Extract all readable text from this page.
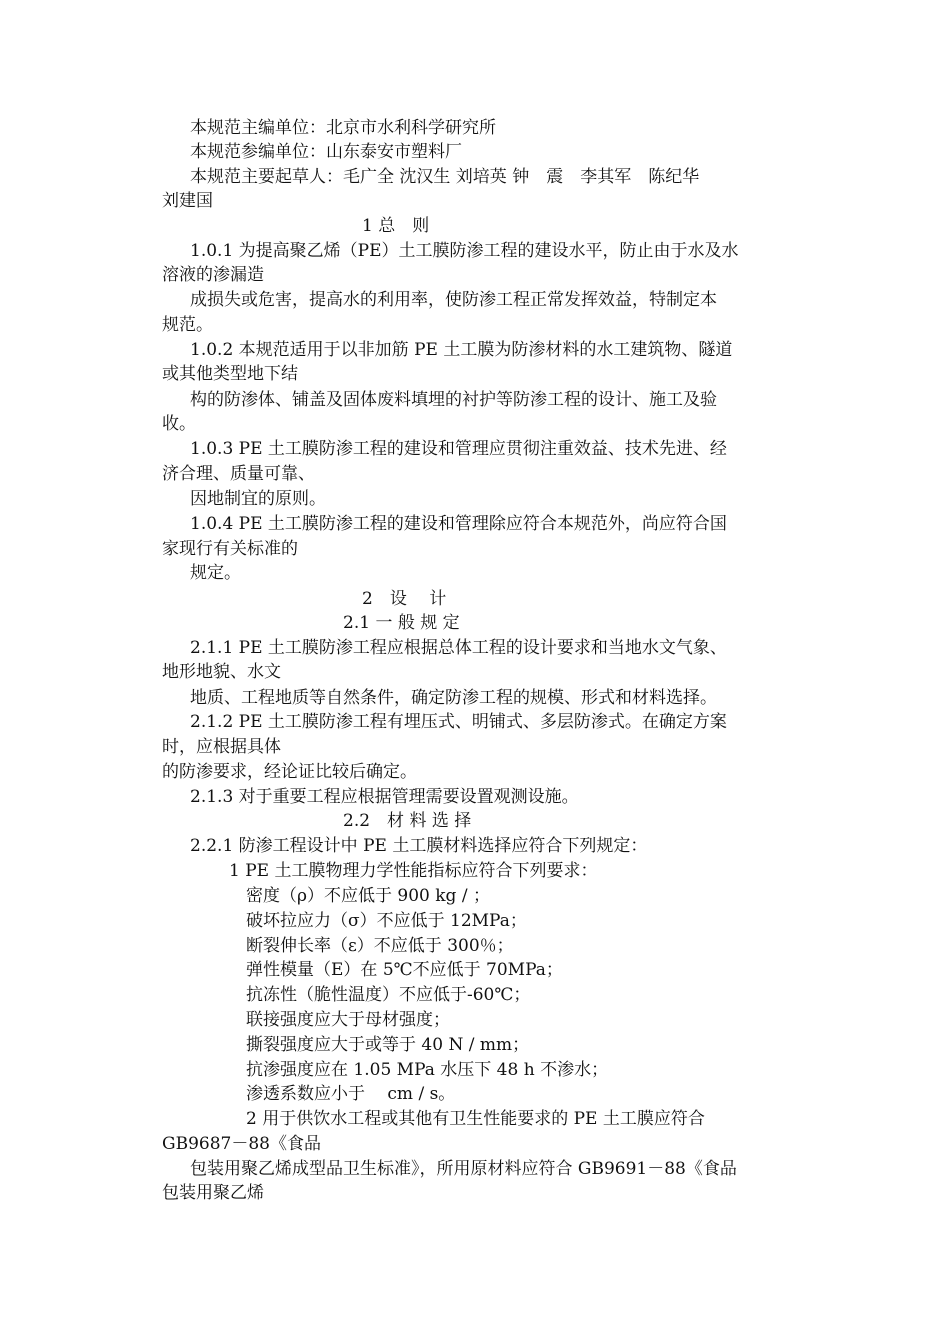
本规范主编单位：北京市水利科学研究所
本规范参编单位：山东泰安市塑料厂
本规范主要起草人：毛广全 沈汉生 刘培英 钟　震　李其军　陈纪华
刘建国
1 总　则
1.0.1 为提高聚乙烯（PE）土工膜防渗工程的建设水平，防止由于水及水
溶液的渗漏造
成损失或危害，提高水的利用率，使防渗工程正常发挥效益，特制定本
规范。
1.0.2 本规范适用于以非加筋 PE 土工膜为防渗材料的水工建筑物、隧道
或其他类型地下结
构的防渗体、铺盖及固体废料填埋的衬护等防渗工程的设计、施工及验
收。
1.0.3 PE 土工膜防渗工程的建设和管理应贯彻注重效益、技术先进、经
济合理、质量可靠、
因地制宜的原则。
1.0.4 PE 土工膜防渗工程的建设和管理除应符合本规范外，尚应符合国
家现行有关标准的
规定。
2　设　 计
2.1 一 般 规 定
2.1.1 PE 土工膜防渗工程应根据总体工程的设计要求和当地水文气象、
地形地貌、水文
地质、工程地质等自然条件，确定防渗工程的规模、形式和材料选择。
2.1.2 PE 土工膜防渗工程有埋压式、明铺式、多层防渗式。在确定方案
时，应根据具体
的防渗要求，经论证比较后确定。
2.1.3 对于重要工程应根据管理需要设置观测设施。
2.2　材 料 选 择
2.2.1 防渗工程设计中 PE 土工膜材料选择应符合下列规定：
1 PE 土工膜物理力学性能指标应符合下列要求：
密度（ρ）不应低于 900 kg / ；
破坏拉应力（σ）不应低于 12MPa；
断裂伸长率（ε）不应低于 300％；
弹性模量（E）在 5℃不应低于 70MPa；
抗冻性（脆性温度）不应低于-60℃；
联接强度应大于母材强度；
撕裂强度应大于或等于 40 N / mm；
抗渗强度应在 1.05 MPa 水压下 48 h 不渗水；
渗透系数应小于　 cm / s。
2 用于供饮水工程或其他有卫生性能要求的 PE 土工膜应符合
GB9687－88《食品
包装用聚乙烯成型品卫生标准》，所用原材料应符合 GB9691－88《食品
包装用聚乙烯
